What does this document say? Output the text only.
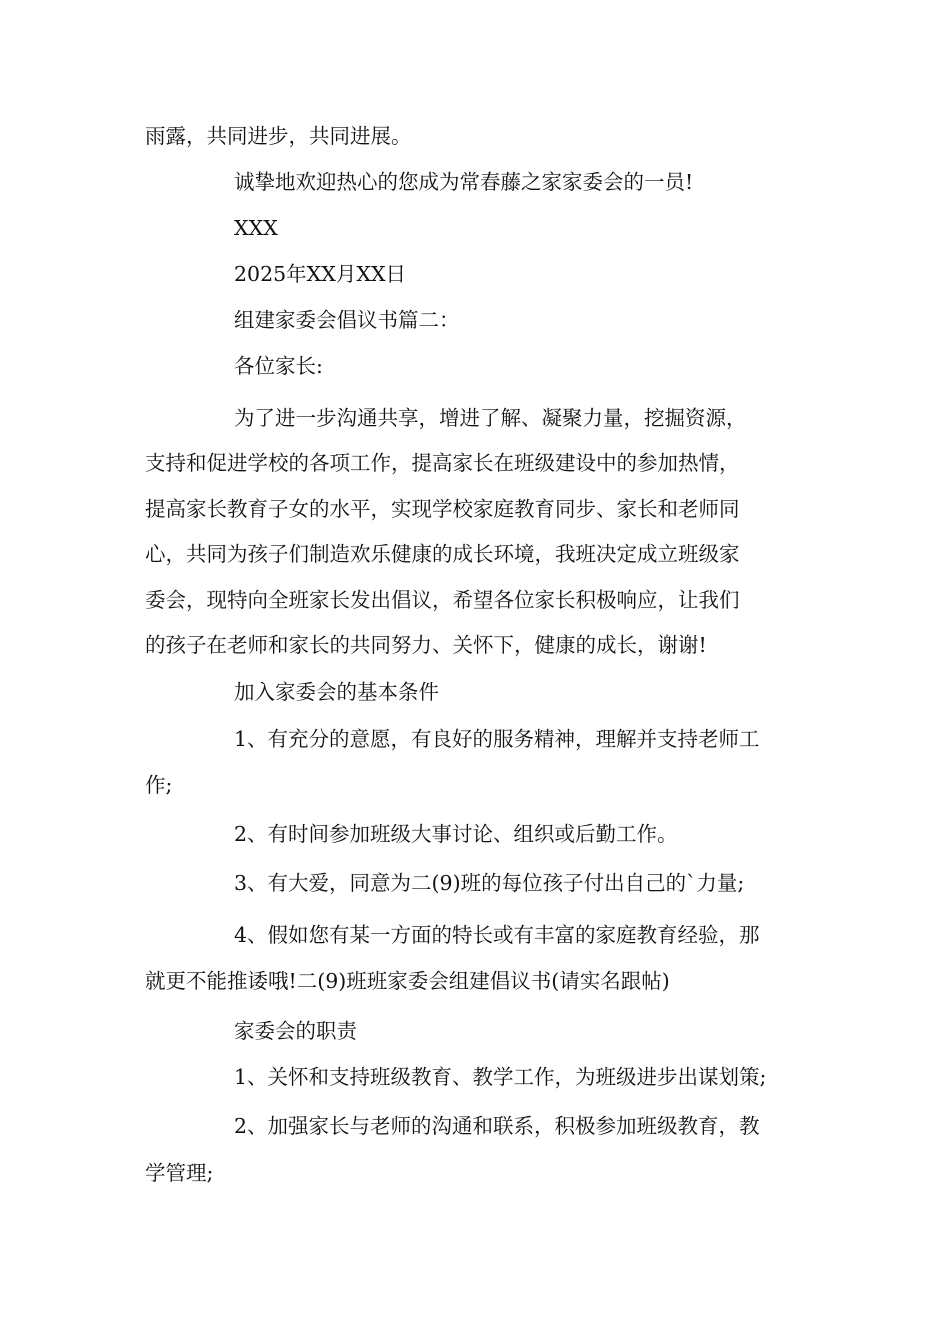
雨露，共同进步，共同进展。

诚挚地欢迎热心的您成为常春藤之家家委会的一员!

XXX

2025年XX月XX日

组建家委会倡议书篇二：

各位家长:

为了进一步沟通共享，增进了解、凝聚力量，挖掘资源，

支持和促进学校的各项工作，提高家长在班级建设中的参加热情，

提高家长教育子女的水平，实现学校家庭教育同步、家长和老师同

心，共同为孩子们制造欢乐健康的成长环境，我班决定成立班级家

委会，现特向全班家长发出倡议，希望各位家长积极响应，让我们

的孩子在老师和家长的共同努力、关怀下，健康的成长，谢谢!

加入家委会的基本条件

1、有充分的意愿，有良好的服务精神，理解并支持老师工

作;

2、有时间参加班级大事讨论、组织或后勤工作。

3、有大爱，同意为二(9)班的每位孩子付出自己的`力量;

4、假如您有某一方面的特长或有丰富的家庭教育经验，那

就更不能推诿哦!二(9)班班家委会组建倡议书(请实名跟帖)

家委会的职责

1、关怀和支持班级教育、教学工作，为班级进步出谋划策;

2、加强家长与老师的沟通和联系，积极参加班级教育，教

学管理;
